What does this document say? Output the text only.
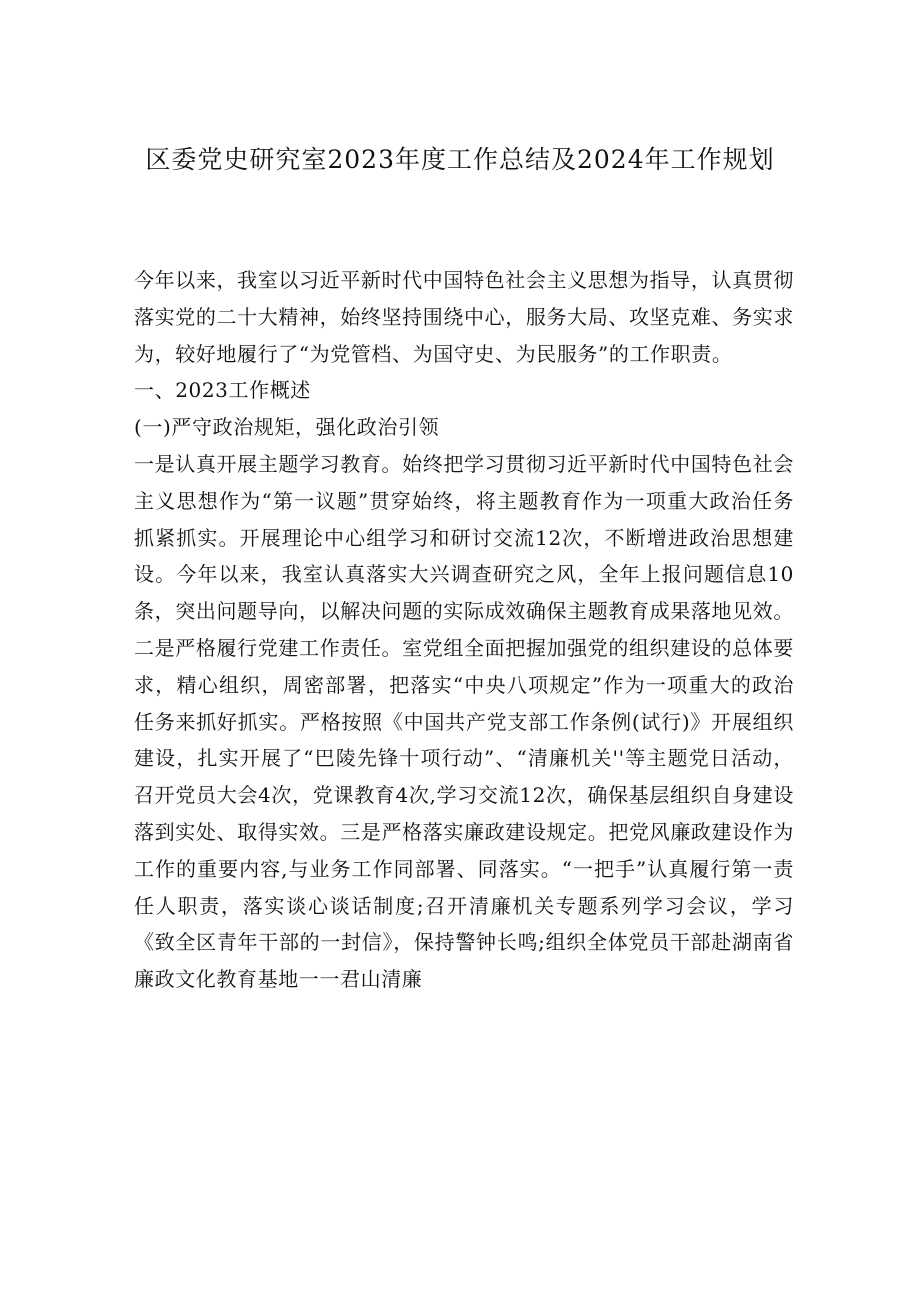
区委党史研究室2023年度工作总结及2024年工作规划

今年以来，我室以习近平新时代中国特色社会主义思想为指导，认真贯彻落实党的二十大精神，始终坚持围绕中心，服务大局、攻坚克难、务实求为，较好地履行了“为党管档、为国守史、为民服务”的工作职责。

一、2023工作概述

(一)严守政治规矩，强化政治引领

一是认真开展主题学习教育。始终把学习贯彻习近平新时代中国特色社会主义思想作为“第一议题”贯穿始终，将主题教育作为一项重大政治任务抓紧抓实。开展理论中心组学习和研讨交流12次，不断增进政治思想建设。今年以来，我室认真落实大兴调查研究之风，全年上报问题信息10条，突出问题导向，以解决问题的实际成效确保主题教育成果落地见效。二是严格履行党建工作责任。室党组全面把握加强党的组织建设的总体要求，精心组织，周密部署，把落实“中央八项规定”作为一项重大的政治任务来抓好抓实。严格按照《中国共产党支部工作条例(试行)》开展组织建设，扎实开展了“巴陵先锋十项行动”、“清廉机关''等主题党日活动，召开党员大会4次，党课教育4次,学习交流12次，确保基层组织自身建设落到实处、取得实效。三是严格落实廉政建设规定。把党风廉政建设作为工作的重要内容,与业务工作同部署、同落实。“一把手”认真履行第一责任人职责，落实谈心谈话制度;召开清廉机关专题系列学习会议，学习《致全区青年干部的一封信》，保持警钟长鸣;组织全体党员干部赴湖南省廉政文化教育基地一一君山清廉
